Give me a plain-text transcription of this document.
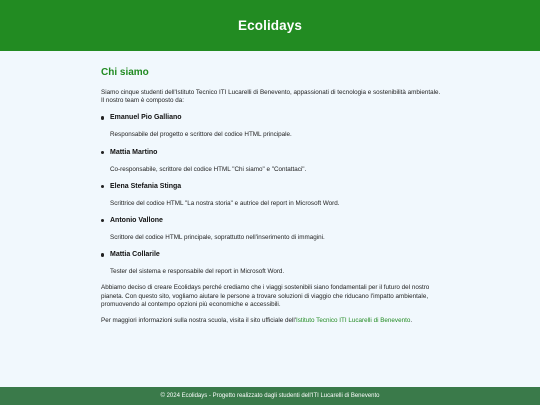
Ecolidays
Chi siamo

Siamo cinque studenti dell'Istituto Tecnico ITI Lucarelli di Benevento, appassionati di tecnologia e sostenibilità ambientale. Il nostro team è composto da:

Emanuel Pio Galliano
Responsabile del progetto e scrittore del codice HTML principale.
Mattia Martino
Co-responsabile, scrittore del codice HTML "Chi siamo" e "Contattaci".
Elena Stefania Stinga
Scrittrice del codice HTML "La nostra storia" e autrice del report in Microsoft Word.
Antonio Vallone
Scrittore del codice HTML principale, soprattutto nell'inserimento di immagini.
Mattia Collarile
Tester del sistema e responsabile del report in Microsoft Word.

Abbiamo deciso di creare Ecolidays perché crediamo che i viaggi sostenibili siano fondamentali per il futuro del nostro pianeta. Con questo sito, vogliamo aiutare le persone a trovare soluzioni di viaggio che riducano l'impatto ambientale, promuovendo al contempo opzioni più economiche e accessibili.

Per maggiori informazioni sulla nostra scuola, visita il sito ufficiale dell'Istituto Tecnico ITI Lucarelli di Benevento.

© 2024 Ecolidays - Progetto realizzato dagli studenti dell'ITI Lucarelli di Benevento
